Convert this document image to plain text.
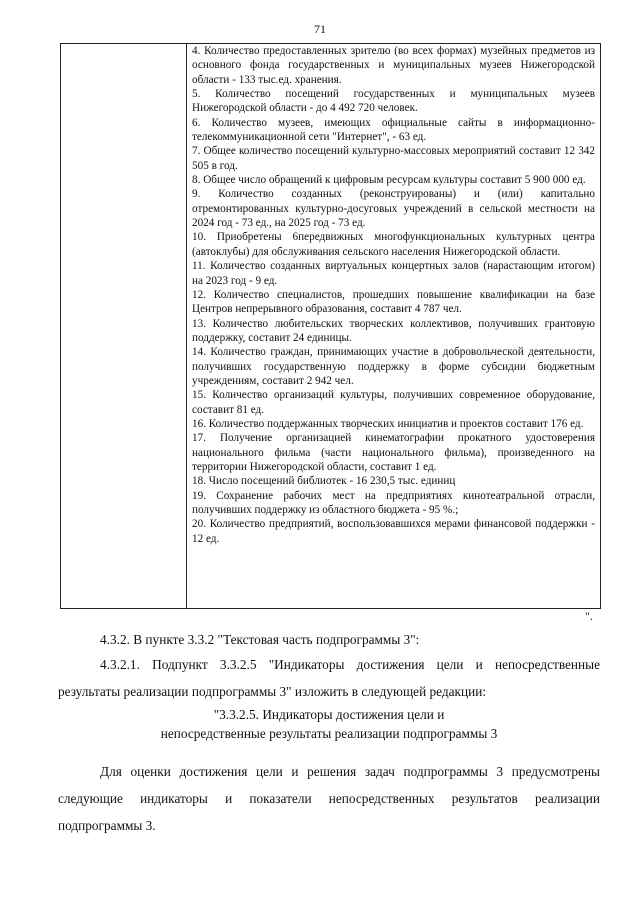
71

4. Количество предоставленных зрителю (во всех формах) музейных предметов из основного фонда государственных и муниципальных музеев Нижегородской области - 133 тыс.ед. хранения.

5. Количество посещений государственных и муниципальных музеев Нижегородской области - до 4 492 720 человек.

6. Количество музеев, имеющих официальные сайты в информационно-телекоммуникационной сети "Интернет", - 63 ед.

7. Общее количество посещений культурно-массовых мероприятий составит 12 342 505 в год.

8. Общее число обращений к цифровым ресурсам культуры составит 5 900 000 ед.

9. Количество созданных (реконструированы) и (или) капитально отремонтированных культурно-досуговых учреждений в сельской местности на 2024 год - 73 ед., на 2025 год - 73 ед.

10. Приобретены 6передвижных многофункциональных культурных центра (автоклубы) для обслуживания сельского населения Нижегородской области.

11. Количество созданных виртуальных концертных залов (нарастающим итогом) на 2023 год - 9 ед.

12. Количество специалистов, прошедших повышение квалификации на базе Центров непрерывного образования, составит 4 787 чел.

13. Количество любительских творческих коллективов, получивших грантовую поддержку, составит 24 единицы.

14. Количество граждан, принимающих участие в добровольческой деятельности, получивших государственную поддержку в форме субсидии бюджетным учреждениям, составит 2 942 чел.

15. Количество организаций культуры, получивших современное оборудование, составит 81 ед.

16. Количество поддержанных творческих инициатив и проектов составит 176 ед.

17. Получение организацией кинематографии прокатного удостоверения национального фильма (части национального фильма), произведенного на территории Нижегородской области, составит 1 ед.

18. Число посещений библиотек - 16 230,5 тыс. единиц

19. Сохранение рабочих мест на предприятиях кинотеатральной отрасли, получивших поддержку из областного бюджета - 95 %.;

20. Количество предприятий, воспользовавшихся мерами финансовой поддержки - 12 ед.

".

4.3.2. В пункте 3.3.2 "Текстовая часть подпрограммы 3":

4.3.2.1. Подпункт 3.3.2.5 "Индикаторы достижения цели и непосредственные результаты реализации подпрограммы 3" изложить в следующей редакции:

"3.3.2.5. Индикаторы достижения цели и
непосредственные результаты реализации подпрограммы 3

Для оценки достижения цели и решения задач подпрограммы 3 предусмотрены следующие индикаторы и показатели непосредственных результатов реализации подпрограммы 3.
